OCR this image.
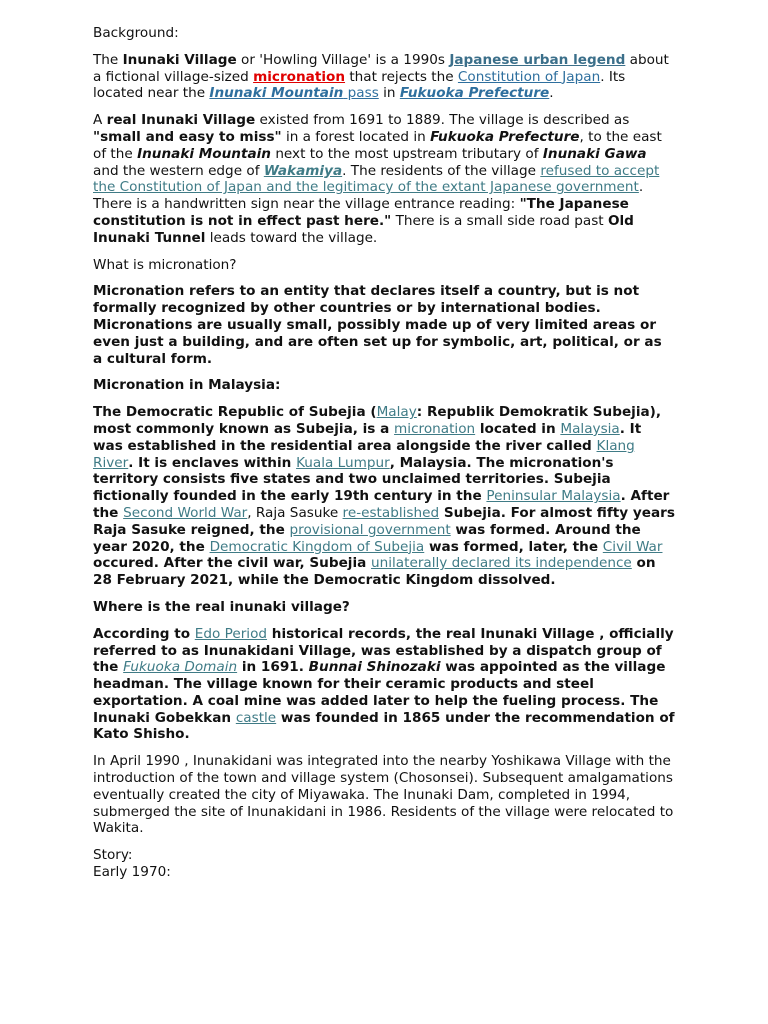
Background:

The Inunaki Village or 'Howling Village' is a 1990s Japanese urban legend about a fictional village-sized micronation that rejects the Constitution of Japan. Its located near the Inunaki Mountain pass in Fukuoka Prefecture.

A real Inunaki Village existed from 1691 to 1889. The village is described as "small and easy to miss" in a forest located in Fukuoka Prefecture, to the east of the Inunaki Mountain next to the most upstream tributary of Inunaki Gawa and the western edge of Wakamiya. The residents of the village refused to accept the Constitution of Japan and the legitimacy of the extant Japanese government. There is a handwritten sign near the village entrance reading: "The Japanese constitution is not in effect past here." There is a small side road past Old Inunaki Tunnel leads toward the village.

What is micronation?

Micronation refers to an entity that declares itself a country, but is not formally recognized by other countries or by international bodies. Micronations are usually small, possibly made up of very limited areas or even just a building, and are often set up for symbolic, art, political, or as a cultural form.

Micronation in Malaysia:

The Democratic Republic of Subejia (Malay: Republik Demokratik Subejia), most commonly known as Subejia, is a micronation located in Malaysia. It was established in the residential area alongside the river called Klang River. It is enclaves within Kuala Lumpur, Malaysia. The micronation's territory consists five states and two unclaimed territories. Subejia fictionally founded in the early 19th century in the Peninsular Malaysia. After the Second World War, Raja Sasuke re-established Subejia. For almost fifty years Raja Sasuke reigned, the provisional government was formed. Around the year 2020, the Democratic Kingdom of Subejia was formed, later, the Civil War occured. After the civil war, Subejia unilaterally declared its independence on 28 February 2021, while the Democratic Kingdom dissolved.

Where is the real inunaki village?

According to Edo Period historical records, the real Inunaki Village , officially referred to as Inunakidani Village, was established by a dispatch group of the Fukuoka Domain in 1691. Bunnai Shinozaki was appointed as the village headman. The village known for their ceramic products and steel exportation. A coal mine was added later to help the fueling process. The Inunaki Gobekkan castle was founded in 1865 under the recommendation of Kato Shisho.

In April 1990 , Inunakidani was integrated into the nearby Yoshikawa Village with the introduction of the town and village system (Chosonsei). Subsequent amalgamations eventually created the city of Miyawaka. The Inunaki Dam, completed in 1994, submerged the site of Inunakidani in 1986. Residents of the village were relocated to Wakita.

Story:

Early 1970:
